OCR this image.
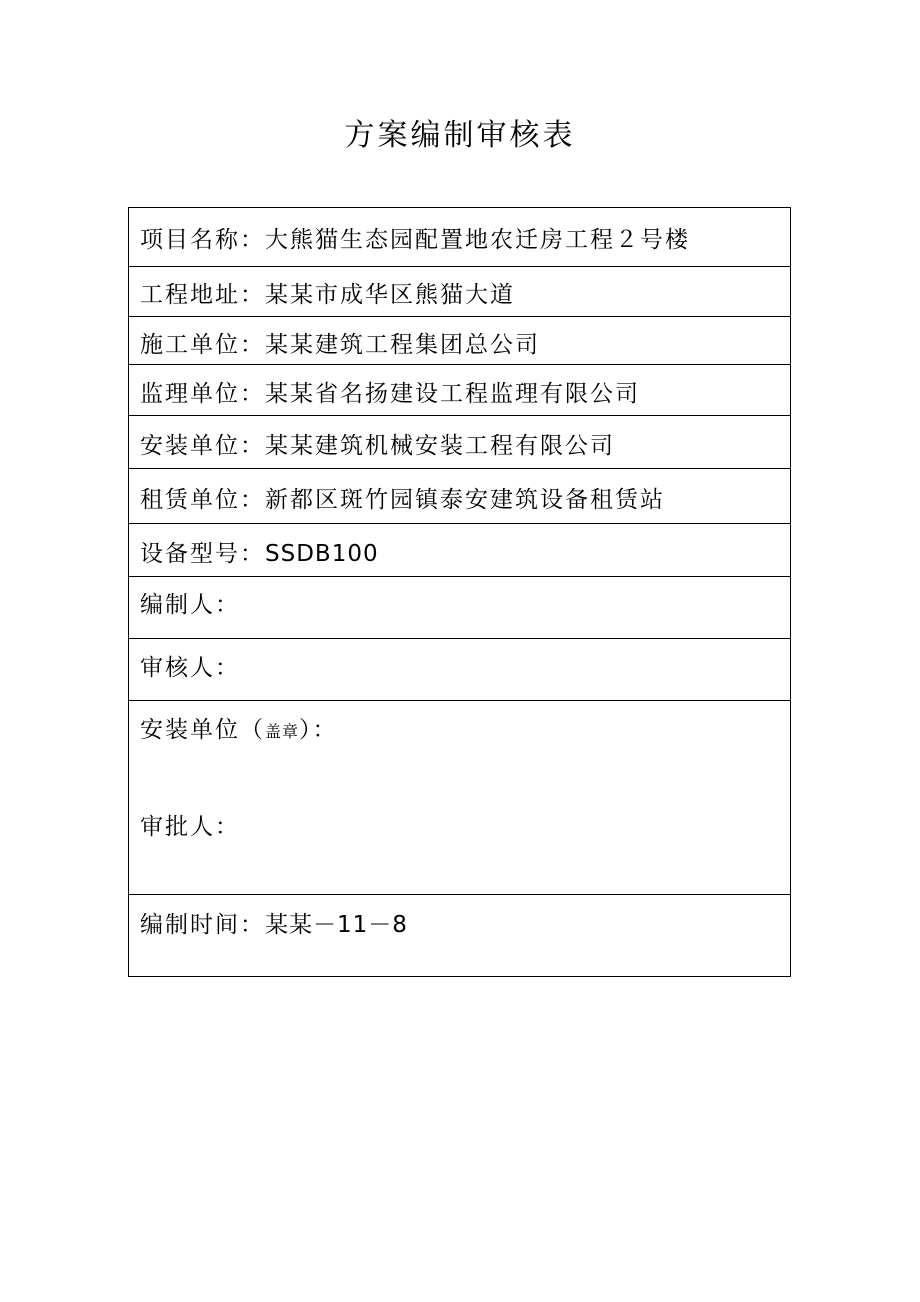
方案编制审核表
项目名称：大熊猫生态园配置地农迁房工程２号楼
工程地址：某某市成华区熊猫大道
施工单位：某某建筑工程集团总公司
监理单位：某某省名扬建设工程监理有限公司
安装单位：某某建筑机械安装工程有限公司
租赁单位：新都区斑竹园镇泰安建筑设备租赁站
设备型号：SSDB100
编制人：
审核人：
安装单位（盖章）：
审批人：
编制时间：某某－11－8
